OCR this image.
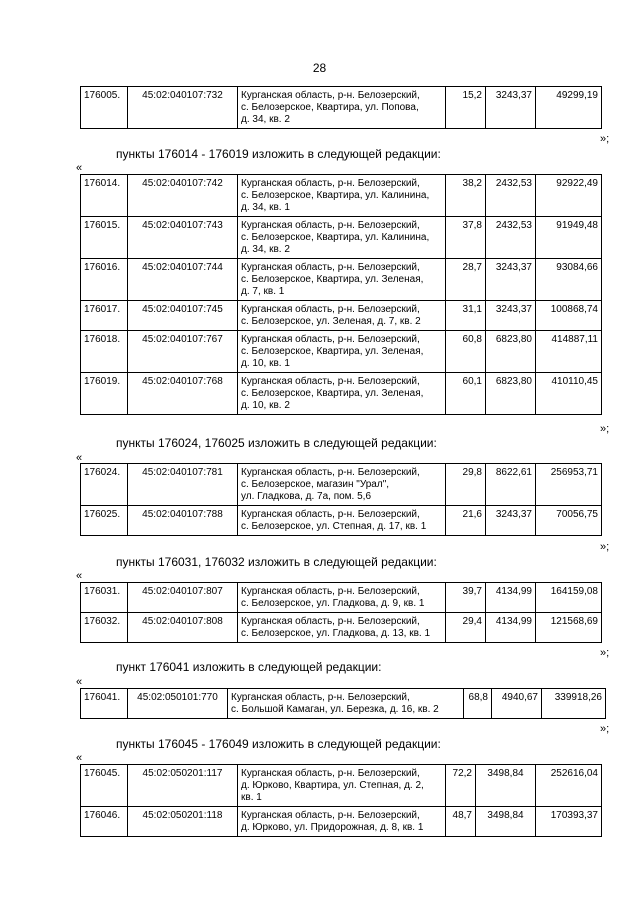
28
176005.	45:02:040107:732	Курганская область, р-н. Белозерский,
с. Белозерское, Квартира, ул. Попова,
д. 34, кв. 2
	15,2	3243,37	49299,19
»;
пункты 176014 - 176019 изложить в следующей редакции:
«
176014.	45:02:040107:742	Курганская область, р-н. Белозерский,
с. Белозерское, Квартира, ул. Калинина,
д. 34, кв. 1	38,2	2432,53	92922,49
176015.	45:02:040107:743	Курганская область, р-н. Белозерский,
с. Белозерское, Квартира, ул. Калинина,
д. 34, кв. 2	37,8	2432,53	91949,48
176016.	45:02:040107:744	Курганская область, р-н. Белозерский,
с. Белозерское, Квартира, ул. Зеленая,
д. 7, кв. 1	28,7	3243,37	93084,66
176017.	45:02:040107:745	Курганская область, р-н. Белозерский,
с. Белозерское, ул. Зеленая, д. 7, кв. 2	31,1	3243,37	100868,74
176018.	45:02:040107:767	Курганская область, р-н. Белозерский,
с. Белозерское, Квартира, ул. Зеленая,
д. 10, кв. 1	60,8	6823,80	414887,11
176019.	45:02:040107:768	Курганская область, р-н. Белозерский,
с. Белозерское, Квартира, ул. Зеленая,
д. 10, кв. 2	60,1	6823,80	410110,45
»;
пункты 176024, 176025 изложить в следующей редакции:
«
176024.	45:02:040107:781	Курганская область, р-н. Белозерский,
с. Белозерское, магазин "Урал",
ул. Гладкова, д. 7а, пом. 5,6	29,8	8622,61	256953,71
176025.	45:02:040107:788	Курганская область, р-н. Белозерский,
с. Белозерское, ул. Степная, д. 17, кв. 1	21,6	3243,37	70056,75
»;
пункты 176031, 176032 изложить в следующей редакции:
«
176031.	45:02:040107:807	Курганская область, р-н. Белозерский,
с. Белозерское, ул. Гладкова, д. 9, кв. 1	39,7	4134,99	164159,08
176032.	45:02:040107:808	Курганская область, р-н. Белозерский,
с. Белозерское, ул. Гладкова, д. 13, кв. 1	29,4	4134,99	121568,69
»;
пункт 176041 изложить в следующей редакции:
«
176041.	45:02:050101:770	Курганская область, р-н. Белозерский,
с. Большой Камаган, ул. Березка, д. 16, кв. 2
	68,8	4940,67	339918,26
»;
пункты 176045 - 176049 изложить в следующей редакции:
«
176045.	45:02:050201:117	Курганская область, р-н. Белозерский,
д. Юрково, Квартира, ул. Степная, д. 2,
кв. 1	72,2	3498,84	252616,04
176046.	45:02:050201:118	Курганская область, р-н. Белозерский,
д. Юрково, ул. Придорожная, д. 8, кв. 1	48,7	3498,84	170393,37
